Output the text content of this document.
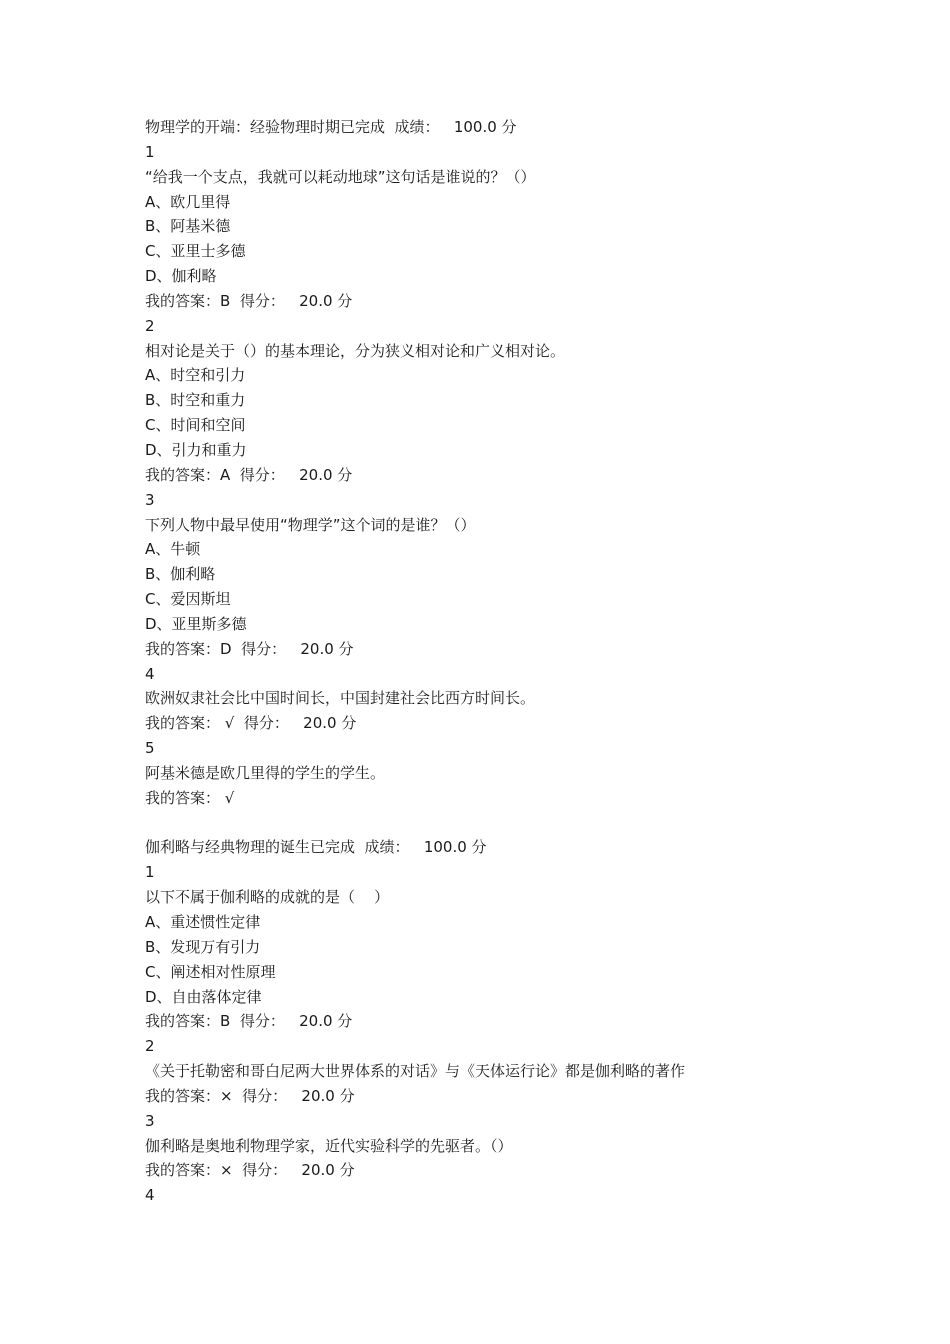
物理学的开端：经验物理时期已完成  成绩：   100.0 分
1
“给我一个支点，我就可以耗动地球”这句话是谁说的？（）
A、欧几里得
B、阿基米德
C、亚里士多德
D、伽利略
我的答案：B  得分：   20.0 分
2
相对论是关于（）的基本理论，分为狭义相对论和广义相对论。
A、时空和引力
B、时空和重力
C、时间和空间
D、引力和重力
我的答案：A  得分：   20.0 分
3
下列人物中最早使用“物理学”这个词的是谁？（）
A、牛顿
B、伽利略
C、爱因斯坦
D、亚里斯多德
我的答案：D  得分：   20.0 分
4
欧洲奴隶社会比中国时间长，中国封建社会比西方时间长。
我的答案： √  得分：   20.0 分
5
阿基米德是欧几里得的学生的学生。
我的答案： √
伽利略与经典物理的诞生已完成  成绩：   100.0 分
1
以下不属于伽利略的成就的是（    ）
A、重述惯性定律
B、发现万有引力
C、阐述相对性原理
D、自由落体定律
我的答案：B  得分：   20.0 分
2
《关于托勒密和哥白尼两大世界体系的对话》与《天体运行论》都是伽利略的著作
我的答案：×  得分：   20.0 分
3
伽利略是奥地利物理学家，近代实验科学的先驱者。（）
我的答案：×  得分：   20.0 分
4
